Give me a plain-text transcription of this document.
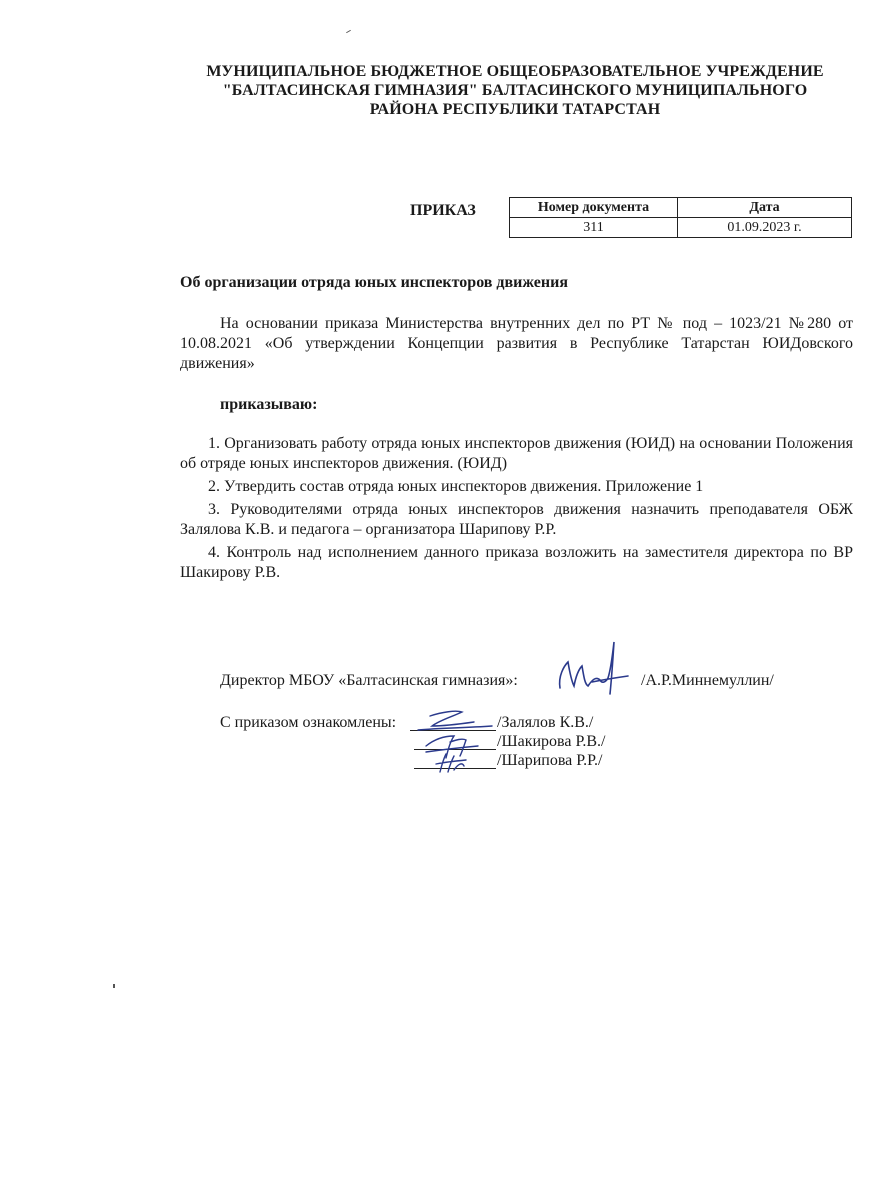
МУНИЦИПАЛЬНОЕ БЮДЖЕТНОЕ ОБЩЕОБРАЗОВАТЕЛЬНОЕ УЧРЕЖДЕНИЕ
"БАЛТАСИНСКАЯ ГИМНАЗИЯ" БАЛТАСИНСКОГО МУНИЦИПАЛЬНОГО
РАЙОНА РЕСПУБЛИКИ ТАТАРСТАН
ПРИКАЗ	Номер документа	Дата
311	01.09.2023 г.
Об организации отряда юных инспекторов движения
На основании приказа Министерства внутренних дел по РТ № под – 1023/21 №280 от 10.08.2021 «Об утверждении Концепции развития в Республике Татарстан ЮИДовского движения»
приказываю:

1. Организовать работу отряда юных инспекторов движения (ЮИД) на основании Положения об отряде юных инспекторов движения. (ЮИД)

2. Утвердить состав отряда юных инспекторов движения. Приложение 1

3. Руководителями отряда юных инспекторов движения назначить преподавателя ОБЖ Залялова К.В. и педагога – организатора Шарипову Р.Р.

4. Контроль над исполнением данного приказа возложить на заместителя директора по ВР Шакирову Р.В.

Директор МБОУ «Балтасинская гимназия»:	/А.Р.Миннемуллин/
С приказом ознакомлены:	/Залялов К.В./
/Шакирова Р.В./
/Шарипова Р.Р./
